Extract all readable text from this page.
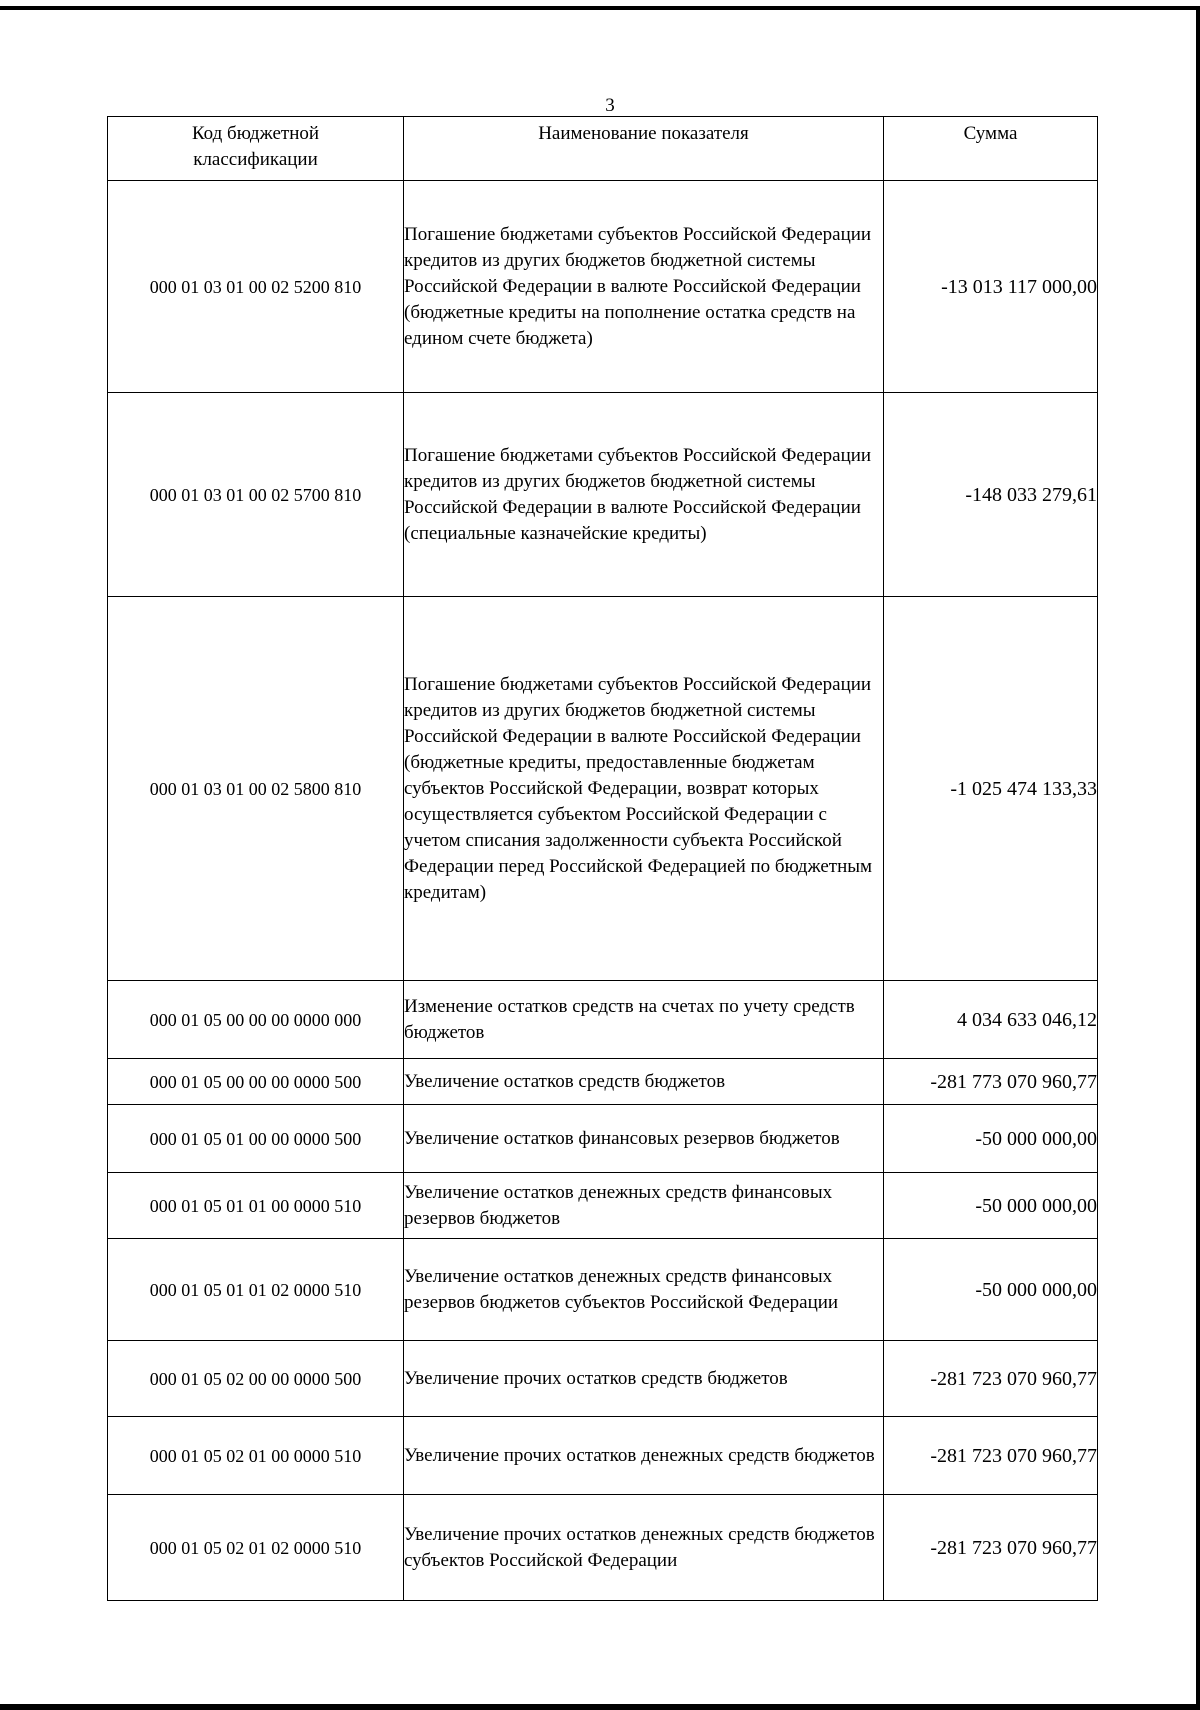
3
Код бюджетной классификации	Наименование показателя	Сумма
000 01 03 01 00 02 5200 810	Погашение бюджетами субъектов Российской Федерации кредитов из других бюджетов бюджетной системы Российской Федерации в валюте Российской Федерации (бюджетные кредиты на пополнение остатка средств на едином счете бюджета)	-13 013 117 000,00
000 01 03 01 00 02 5700 810	Погашение бюджетами субъектов Российской Федерации кредитов из других бюджетов бюджетной системы Российской Федерации в валюте Российской Федерации (специальные казначейские кредиты)	-148 033 279,61
000 01 03 01 00 02 5800 810	Погашение бюджетами субъектов Российской Федерации кредитов из других бюджетов бюджетной системы Российской Федерации в валюте Российской Федерации (бюджетные кредиты, предоставленные бюджетам субъектов Российской Федерации, возврат которых осуществляется субъектом Российской Федерации с учетом списания задолженности субъекта Российской Федерации перед Российской Федерацией по бюджетным кредитам)	-1 025 474 133,33
000 01 05 00 00 00 0000 000	Изменение остатков средств на счетах по учету средств бюджетов	4 034 633 046,12
000 01 05 00 00 00 0000 500	Увеличение остатков средств бюджетов	-281 773 070 960,77
000 01 05 01 00 00 0000 500	Увеличение остатков финансовых резервов бюджетов	-50 000 000,00
000 01 05 01 01 00 0000 510	Увеличение остатков денежных средств финансовых резервов бюджетов	-50 000 000,00
000 01 05 01 01 02 0000 510	Увеличение остатков денежных средств финансовых резервов бюджетов субъектов Российской Федерации	-50 000 000,00
000 01 05 02 00 00 0000 500	Увеличение прочих остатков средств бюджетов	-281 723 070 960,77
000 01 05 02 01 00 0000 510	Увеличение прочих остатков денежных средств бюджетов	-281 723 070 960,77
000 01 05 02 01 02 0000 510	Увеличение прочих остатков денежных средств бюджетов субъектов Российской Федерации	-281 723 070 960,77
